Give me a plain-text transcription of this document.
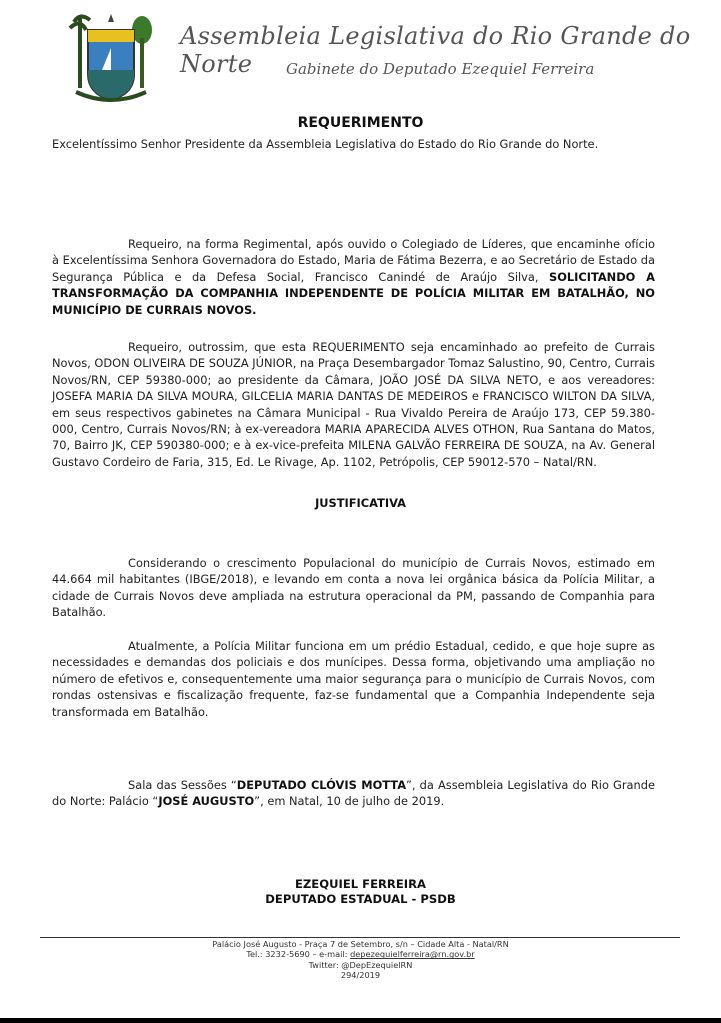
Assembleia Legislativa do Rio Grande do Norte	Gabinete do Deputado Ezequiel Ferreira
REQUERIMENTO
Excelentíssimo Senhor Presidente da Assembleia Legislativa do Estado do Rio Grande do Norte.
Requeiro, na forma Regimental, após ouvido o Colegiado de Líderes, que encaminhe ofício à Excelentíssima Senhora Governadora do Estado, Maria de Fátima Bezerra, e ao Secretário de Estado da Segurança Pública e da Defesa Social, Francisco Canindé de Araújo Silva, SOLICITANDO A TRANSFORMAÇÃO DA COMPANHIA INDEPENDENTE DE POLÍCIA MILITAR EM BATALHÃO, NO MUNICÍPIO DE CURRAIS NOVOS.
Requeiro, outrossim, que esta REQUERIMENTO seja encaminhado ao prefeito de Currais Novos, ODON OLIVEIRA DE SOUZA JÚNIOR, na Praça Desembargador Tomaz Salustino, 90, Centro, Currais Novos/RN, CEP 59380-000; ao presidente da Câmara, JOÃO JOSÉ DA SILVA NETO, e aos vereadores: JOSEFA MARIA DA SILVA MOURA, GILCELIA MARIA DANTAS DE MEDEIROS e FRANCISCO WILTON DA SILVA, em seus respectivos gabinetes na Câmara Municipal - Rua Vivaldo Pereira de Araújo 173, CEP 59.380-000, Centro, Currais Novos/RN; à ex-vereadora MARIA APARECIDA ALVES OTHON, Rua Santana do Matos, 70, Bairro JK, CEP 590380-000; e à ex-vice-prefeita MILENA GALVÃO FERREIRA DE SOUZA, na Av. General Gustavo Cordeiro de Faria, 315, Ed. Le Rivage, Ap. 1102, Petrópolis, CEP 59012-570 – Natal/RN.
JUSTIFICATIVA
Considerando o crescimento Populacional do município de Currais Novos, estimado em 44.664 mil habitantes (IBGE/2018), e levando em conta a nova lei orgânica básica da Polícia Militar, a cidade de Currais Novos deve ampliada na estrutura operacional da PM, passando de Companhia para Batalhão.
Atualmente, a Polícia Militar funciona em um prédio Estadual, cedido, e que hoje supre as necessidades e demandas dos policiais e dos munícipes. Dessa forma, objetivando uma ampliação no número de efetivos e, consequentemente uma maior segurança para o município de Currais Novos, com rondas ostensivas e fiscalização frequente, faz-se fundamental que a Companhia Independente seja transformada em Batalhão.
Sala das Sessões “DEPUTADO CLÓVIS MOTTA”, da Assembleia Legislativa do Rio Grande do Norte: Palácio “JOSÉ AUGUSTO”, em Natal, 10 de julho de 2019.
EZEQUIEL FERREIRA
DEPUTADO ESTADUAL - PSDB
Palácio José Augusto - Praça 7 de Setembro, s/n – Cidade Alta - Natal/RN
Tel.: 3232-5690 – e-mail: depezequielferreira@rn.gov.br
Twitter: @DepEzequielRN
294/2019
